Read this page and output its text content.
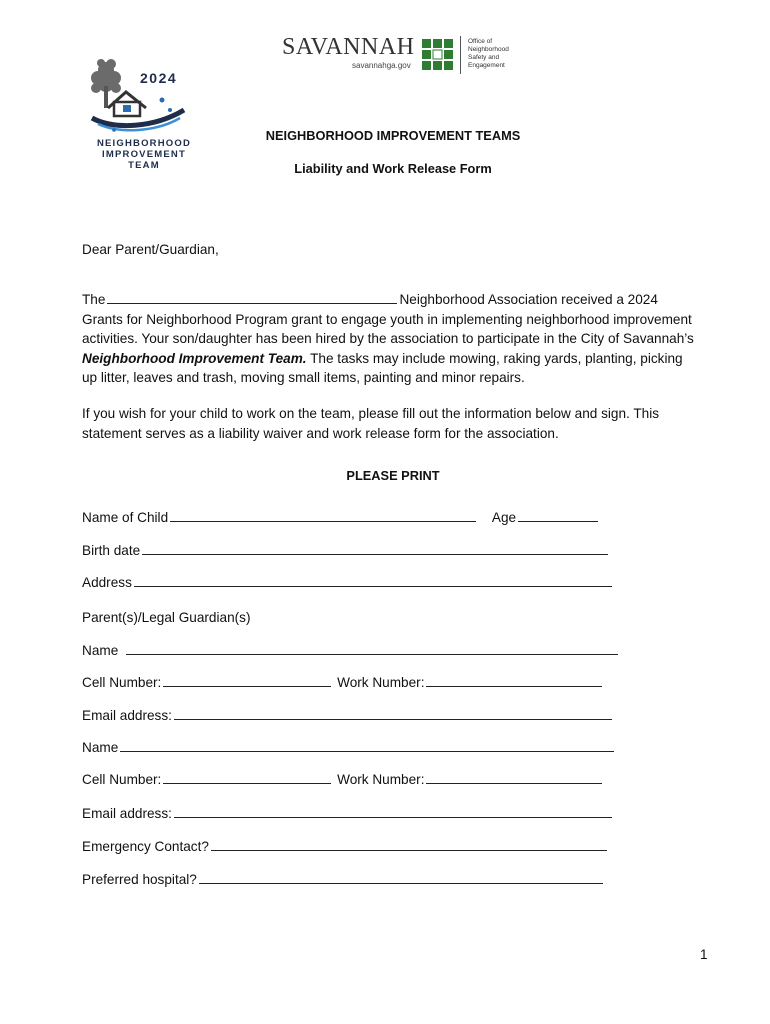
2024
NEIGHBORHOOD
IMPROVEMENT
TEAM
SAVANNAH
savannahga.gov
Office of
Neighborhood
Safety and
Engagement
NEIGHBORHOOD IMPROVEMENT TEAMS
Liability and Work Release Form
Dear Parent/Guardian,
The	Neighborhood Association received a 2024
Grants for Neighborhood Program grant to engage youth in implementing neighborhood improvement
activities. Your son/daughter has been hired by the association to participate in the City of Savannah’s
Neighborhood Improvement Team. The tasks may include mowing, raking yards, planting, picking
up litter, leaves and trash, moving small items, painting and minor repairs.
If you wish for your child to work on the team, please fill out the information below and sign. This
statement serves as a liability waiver and work release form for the association.
PLEASE PRINT
Name of Child	Age
Birth date
Address
Parent(s)/Legal Guardian(s)
Name
Cell Number:	Work Number:
Email address:
Name
Cell Number:	Work Number:
Email address:
Emergency Contact?
Preferred hospital?
1
